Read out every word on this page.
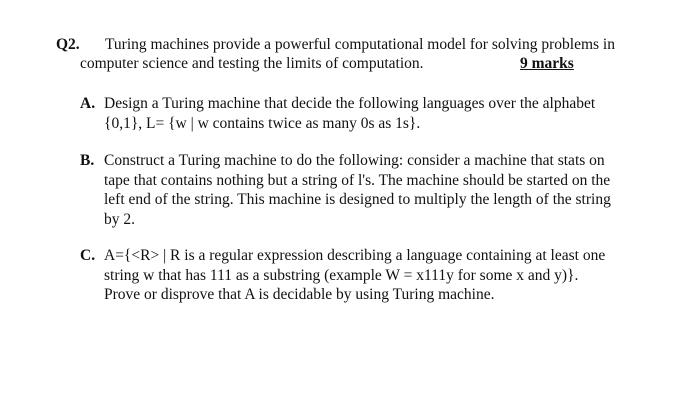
Q2. Turing machines provide a powerful computational model for solving problems in
computer science and testing the limits of computation.	9 marks
A. Design a Turing machine that decide the following languages over the alphabet
{0,1}, L= {w | w contains twice as many 0s as 1s}.
B. Construct a Turing machine to do the following: consider a machine that stats on
tape that contains nothing but a string of l's. The machine should be started on the
left end of the string. This machine is designed to multiply the length of the string
by 2.
C. A={<R> | R is a regular expression describing a language containing at least one
string w that has 111 as a substring (example W = x111y for some x and y)}.
Prove or disprove that A is decidable by using Turing machine.
